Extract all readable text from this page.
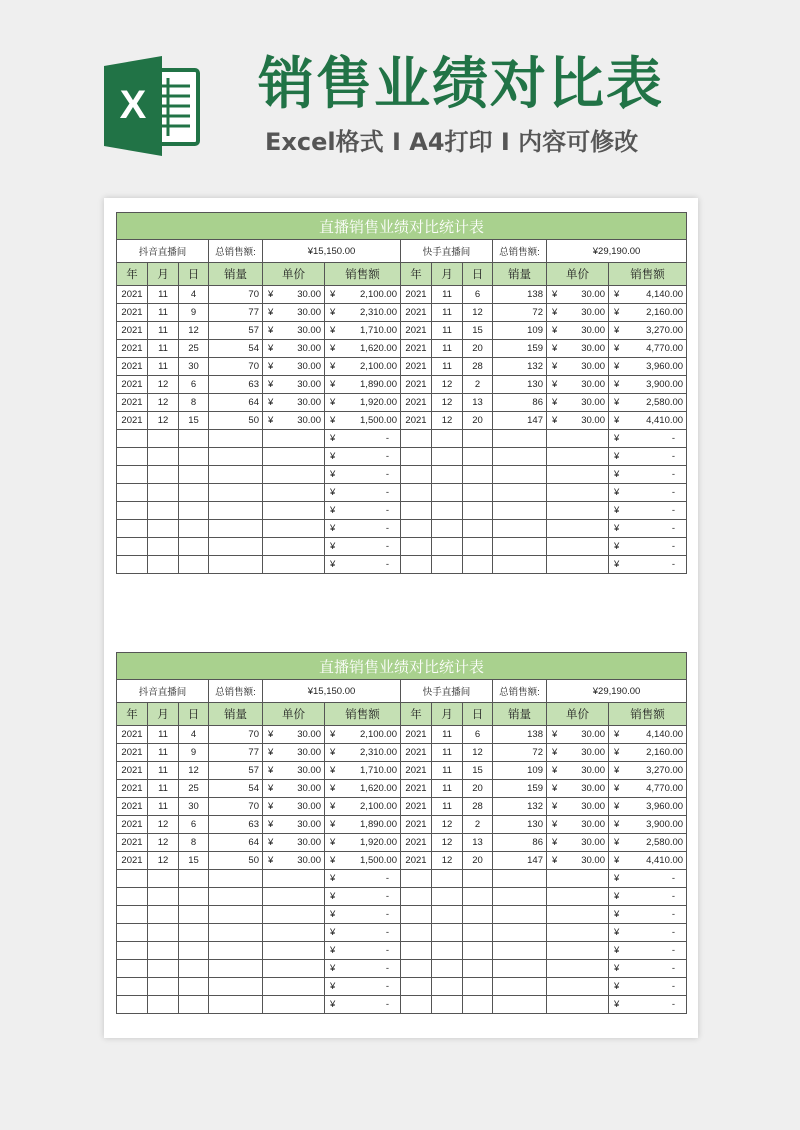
X 销售业绩对比表
Excel格式 I A4打印 I 内容可修改
直播销售业绩对比统计表											
抖音直播间			总销售额:	¥15,150.00		快手直播间			总销售额:	¥29,190.00	
年	月	日	销量	单价	销售额	年	月	日	销量	单价	销售额
2021	11	4	70	¥ 30.00	¥ 2,100.00	2021	11	6	138	¥ 30.00	¥ 4,140.00

2021	11	9	77	¥ 30.00	¥ 2,310.00	2021	11	12	72	¥ 30.00	¥ 2,160.00

2021	11	12	57	¥ 30.00	¥ 1,710.00	2021	11	15	109	¥ 30.00	¥ 3,270.00

2021	11	25	54	¥ 30.00	¥ 1,620.00	2021	11	20	159	¥ 30.00	¥ 4,770.00

2021	11	30	70	¥ 30.00	¥ 2,100.00	2021	11	28	132	¥ 30.00	¥ 3,960.00

2021	12	6	63	¥ 30.00	¥ 1,890.00	2021	12	2	130	¥ 30.00	¥ 3,900.00

2021	12	8	64	¥ 30.00	¥ 1,920.00	2021	12	13	86	¥ 30.00	¥ 2,580.00

2021	12	15	50	¥ 30.00	¥ 1,500.00	2021	12	20	147	¥ 30.00	¥ 4,410.00

					¥ -						¥ -

					¥ -						¥ -

					¥ -						¥ -

					¥ -						¥ -

					¥ -						¥ -

					¥ -						¥ -

					¥ -						¥ -

					¥ -						¥ -
直播销售业绩对比统计表											
抖音直播间			总销售额:	¥15,150.00		快手直播间			总销售额:	¥29,190.00	
年	月	日	销量	单价	销售额	年	月	日	销量	单价	销售额
2021	11	4	70	¥ 30.00	¥ 2,100.00	2021	11	6	138	¥ 30.00	¥ 4,140.00

2021	11	9	77	¥ 30.00	¥ 2,310.00	2021	11	12	72	¥ 30.00	¥ 2,160.00

2021	11	12	57	¥ 30.00	¥ 1,710.00	2021	11	15	109	¥ 30.00	¥ 3,270.00

2021	11	25	54	¥ 30.00	¥ 1,620.00	2021	11	20	159	¥ 30.00	¥ 4,770.00

2021	11	30	70	¥ 30.00	¥ 2,100.00	2021	11	28	132	¥ 30.00	¥ 3,960.00

2021	12	6	63	¥ 30.00	¥ 1,890.00	2021	12	2	130	¥ 30.00	¥ 3,900.00

2021	12	8	64	¥ 30.00	¥ 1,920.00	2021	12	13	86	¥ 30.00	¥ 2,580.00

2021	12	15	50	¥ 30.00	¥ 1,500.00	2021	12	20	147	¥ 30.00	¥ 4,410.00

					¥ -						¥ -

					¥ -						¥ -

					¥ -						¥ -

					¥ -						¥ -

					¥ -						¥ -

					¥ -						¥ -

					¥ -						¥ -

					¥ -						¥ -
